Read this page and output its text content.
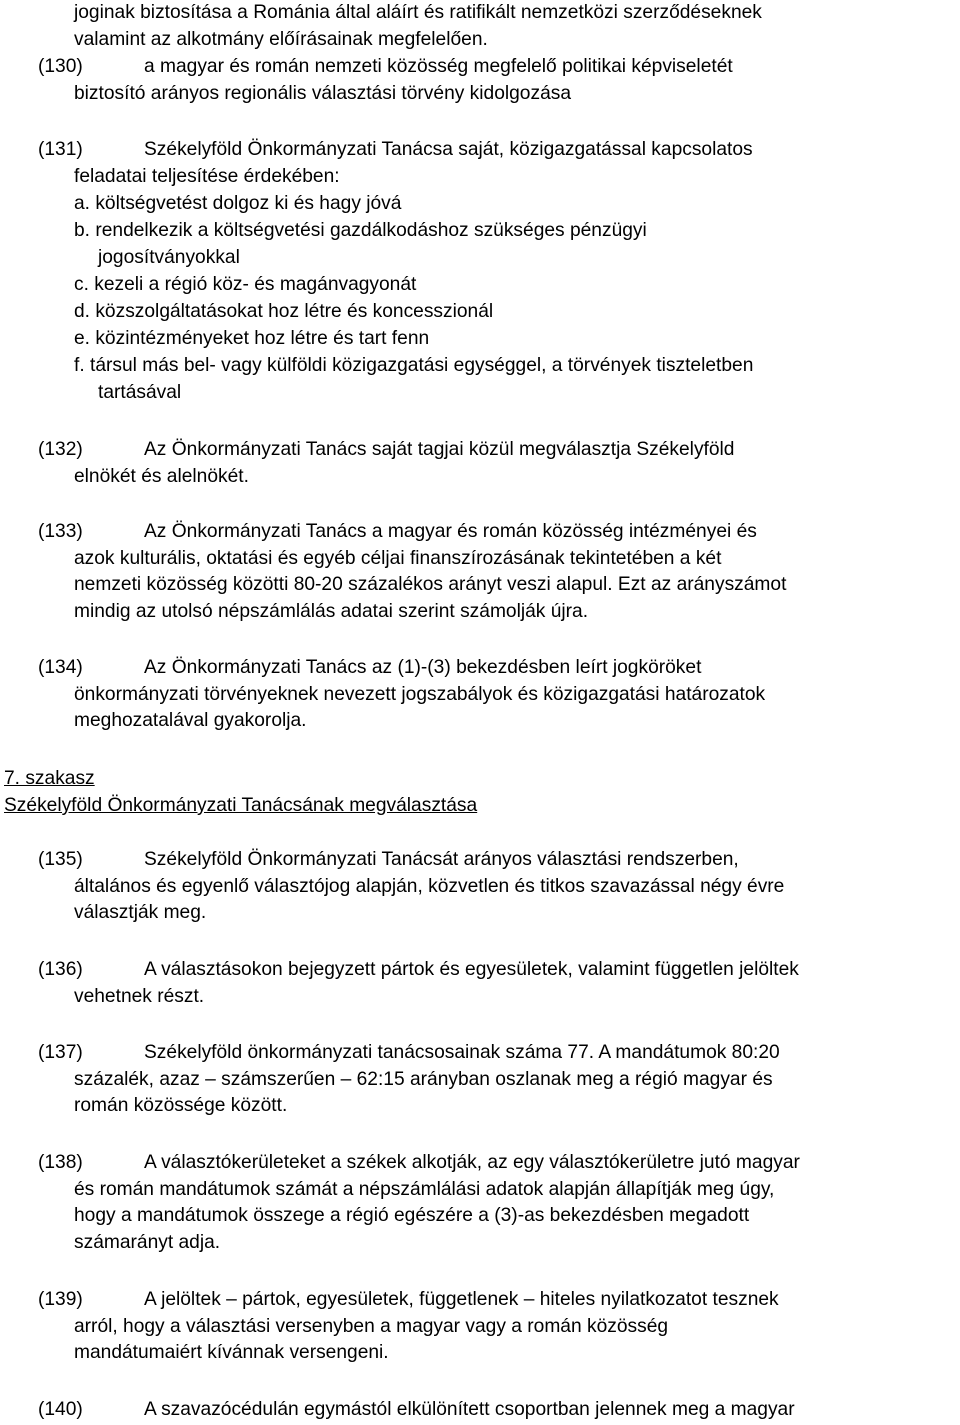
joginak biztosítása a Románia által aláírt és ratifikált nemzetközi szerződéseknek
valamint az alkotmány előírásainak megfelelően.
(130)	a magyar és román nemzeti közösség megfelelő politikai képviseletét
biztosító arányos regionális választási törvény kidolgozása
(131)	Székelyföld Önkormányzati Tanácsa saját, közigazgatással kapcsolatos
feladatai teljesítése érdekében:
a. költségvetést dolgoz ki és hagy jóvá
b. rendelkezik a költségvetési gazdálkodáshoz szükséges pénzügyi
jogosítványokkal
c. kezeli a régió köz- és magánvagyonát
d. közszolgáltatásokat hoz létre és koncesszionál
e. közintézményeket hoz létre és tart fenn
f. társul más bel- vagy külföldi közigazgatási egységgel, a törvények tiszteletben
tartásával
(132)	Az Önkormányzati Tanács saját tagjai közül megválasztja Székelyföld
elnökét és alelnökét.
(133)	Az Önkormányzati Tanács a magyar és román közösség intézményei és
azok kulturális, oktatási és egyéb céljai finanszírozásának tekintetében a két
nemzeti közösség közötti 80-20 százalékos arányt veszi alapul. Ezt az arányszámot
mindig az utolsó népszámlálás adatai szerint számolják újra.
(134)	Az Önkormányzati Tanács az (1)-(3) bekezdésben leírt jogköröket
önkormányzati törvényeknek nevezett jogszabályok és közigazgatási határozatok
meghozatalával gyakorolja.
7. szakasz
Székelyföld Önkormányzati Tanácsának megválasztása
(135)	Székelyföld Önkormányzati Tanácsát arányos választási rendszerben,
általános és egyenlő választójog alapján, közvetlen és titkos szavazással négy évre
választják meg.
(136)	A választásokon bejegyzett pártok és egyesületek, valamint független jelöltek
vehetnek részt.
(137)	Székelyföld önkormányzati tanácsosainak száma 77. A mandátumok 80:20
százalék, azaz – számszerűen – 62:15 arányban oszlanak meg a régió magyar és
román közössége között.
(138)	A választókerületeket a székek alkotják, az egy választókerületre jutó magyar
és román mandátumok számát a népszámlálási adatok alapján állapítják meg úgy,
hogy a mandátumok összege a régió egészére a (3)-as bekezdésben megadott
számarányt adja.
(139)	A jelöltek – pártok, egyesületek, függetlenek – hiteles nyilatkozatot tesznek
arról, hogy a választási versenyben a magyar vagy a román közösség
mandátumaiért kívánnak versengeni.
(140)	A szavazócédulán egymástól elkülönített csoportban jelennek meg a magyar
